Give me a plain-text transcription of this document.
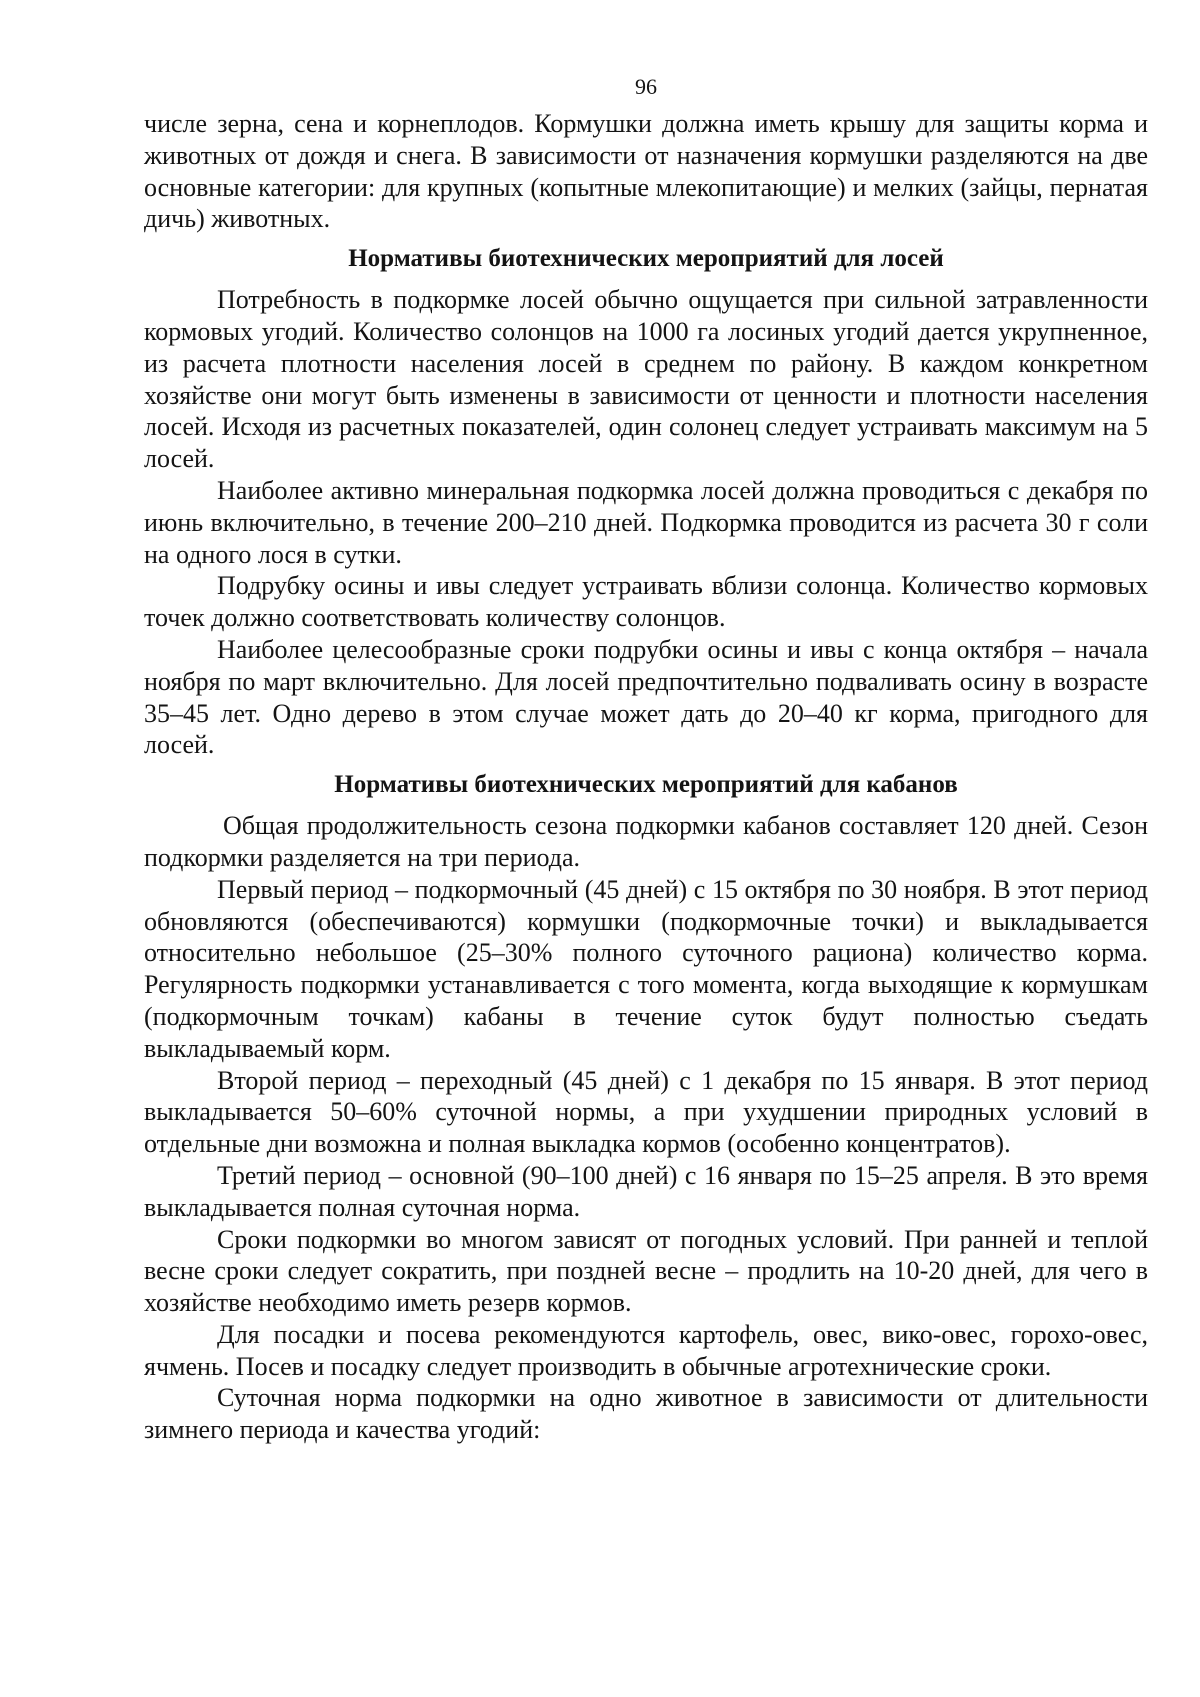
96

числе зерна, сена и корнеплодов. Кормушки должна иметь крышу для защиты корма и животных от дождя и снега. В зависимости от назначения кормушки разделяются на две основные категории: для крупных (копытные млекопитающие) и мелких (зайцы, пернатая дичь) животных.

Нормативы биотехнических мероприятий для лосей

Потребность в подкормке лосей обычно ощущается при сильной затравленности кормовых угодий. Количество солонцов на 1000 га лосиных угодий дается укрупненное, из расчета плотности населения лосей в среднем по району. В каждом конкретном хозяйстве они могут быть изменены в зависимости от ценности и плотности населения лосей. Исходя из расчетных показателей, один солонец следует устраивать максимум на 5 лосей.

Наиболее активно минеральная подкормка лосей должна проводиться с декабря по июнь включительно, в течение 200–210 дней. Подкормка проводится из расчета 30 г соли на одного лося в сутки.

Подрубку осины и ивы следует устраивать вблизи солонца. Количество кормовых точек должно соответствовать количеству солонцов.

Наиболее целесообразные сроки подрубки осины и ивы с конца октября – начала ноября по март включительно. Для лосей предпочтительно подваливать осину в возрасте 35–45 лет. Одно дерево в этом случае может дать до 20–40 кг корма, пригодного для лосей.

Нормативы биотехнических мероприятий для кабанов

Общая продолжительность сезона подкормки кабанов составляет 120 дней. Сезон подкормки разделяется на три периода.

Первый период – подкормочный (45 дней) с 15 октября по 30 ноября. В этот период обновляются (обеспечиваются) кормушки (подкормочные точки) и выкладывается относительно небольшое (25–30% полного суточного рациона) количество корма. Регулярность подкормки устанавливается с того момента, когда выходящие к кормушкам (подкормочным точкам) кабаны в течение суток будут полностью съедать выкладываемый корм.

Второй период – переходный (45 дней) с 1 декабря по 15 января. В этот период выкладывается 50–60% суточной нормы, а при ухудшении природных условий в отдельные дни возможна и полная выкладка кормов (особенно концентратов).

Третий период – основной (90–100 дней) с 16 января по 15–25 апреля. В это время выкладывается полная суточная норма.

Сроки подкормки во многом зависят от погодных условий. При ранней и теплой весне сроки следует сократить, при поздней весне – продлить на 10-20 дней, для чего в хозяйстве необходимо иметь резерв кормов.

Для посадки и посева рекомендуются картофель, овес, вико-овес, горохо-овес, ячмень. Посев и посадку следует производить в обычные агротехнические сроки.

Суточная норма подкормки на одно животное в зависимости от длительности зимнего периода и качества угодий:
